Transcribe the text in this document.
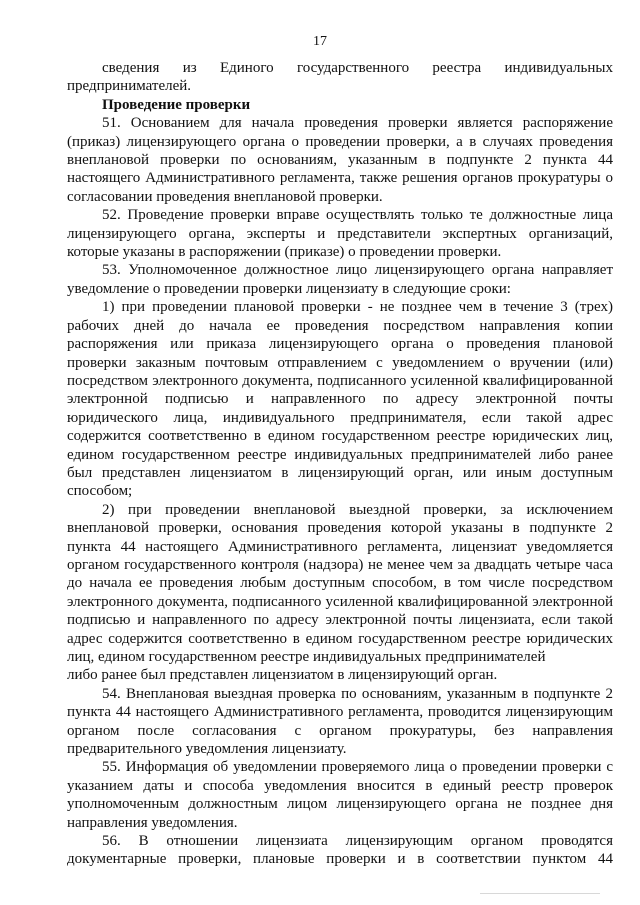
17

сведения из Единого государственного реестра индивидуальных предпринимателей.

Проведение проверки

51. Основанием для начала проведения проверки является распоряжение (приказ) лицензирующего органа о проведении проверки, а в случаях проведения внеплановой проверки по основаниям, указанным в подпункте 2 пункта 44 настоящего Административного регламента, также решения органов прокуратуры о согласовании проведения внеплановой проверки.

52. Проведение проверки вправе осуществлять только те должностные лица лицензирующего органа, эксперты и представители экспертных организаций, которые указаны в распоряжении (приказе) о проведении проверки.

53. Уполномоченное должностное лицо лицензирующего органа направляет уведомление о проведении проверки лицензиату в следующие сроки:

1) при проведении плановой проверки - не позднее чем в течение 3 (трех) рабочих дней до начала ее проведения посредством направления копии распоряжения или приказа лицензирующего органа о проведения плановой проверки заказным почтовым отправлением с уведомлением о вручении (или) посредством электронного документа, подписанного усиленной квалифицированной электронной подписью и направленного по адресу электронной почты юридического лица, индивидуального предпринимателя, если такой адрес содержится соответственно в едином государственном реестре юридических лиц, едином государственном реестре индивидуальных предпринимателей либо ранее был представлен лицензиатом в лицензирующий орган, или иным доступным способом;

2) при проведении внеплановой выездной проверки, за исключением внеплановой проверки, основания проведения которой указаны в подпункте 2 пункта 44 настоящего Административного регламента, лицензиат уведомляется органом государственного контроля (надзора) не менее чем за двадцать четыре часа до начала ее проведения любым доступным способом, в том числе посредством электронного документа, подписанного усиленной квалифицированной электронной подписью и направленного по адресу электронной почты лицензиата, если такой адрес содержится соответственно в едином государственном реестре юридических лиц, едином государственном реестре индивидуальных предпринимателей

либо ранее был представлен лицензиатом в лицензирующий орган.

54. Внеплановая выездная проверка по основаниям, указанным в подпункте 2 пункта 44 настоящего Административного регламента, проводится лицензирующим органом после согласования с органом прокуратуры, без направления предварительного уведомления лицензиату.

55. Информация об уведомлении проверяемого лица о проведении проверки с указанием даты и способа уведомления вносится в единый реестр проверок уполномоченным должностным лицом лицензирующего органа не позднее дня направления уведомления.

56. В отношении лицензиата лицензирующим органом проводятся документарные проверки, плановые проверки и в соответствии пунктом 44
